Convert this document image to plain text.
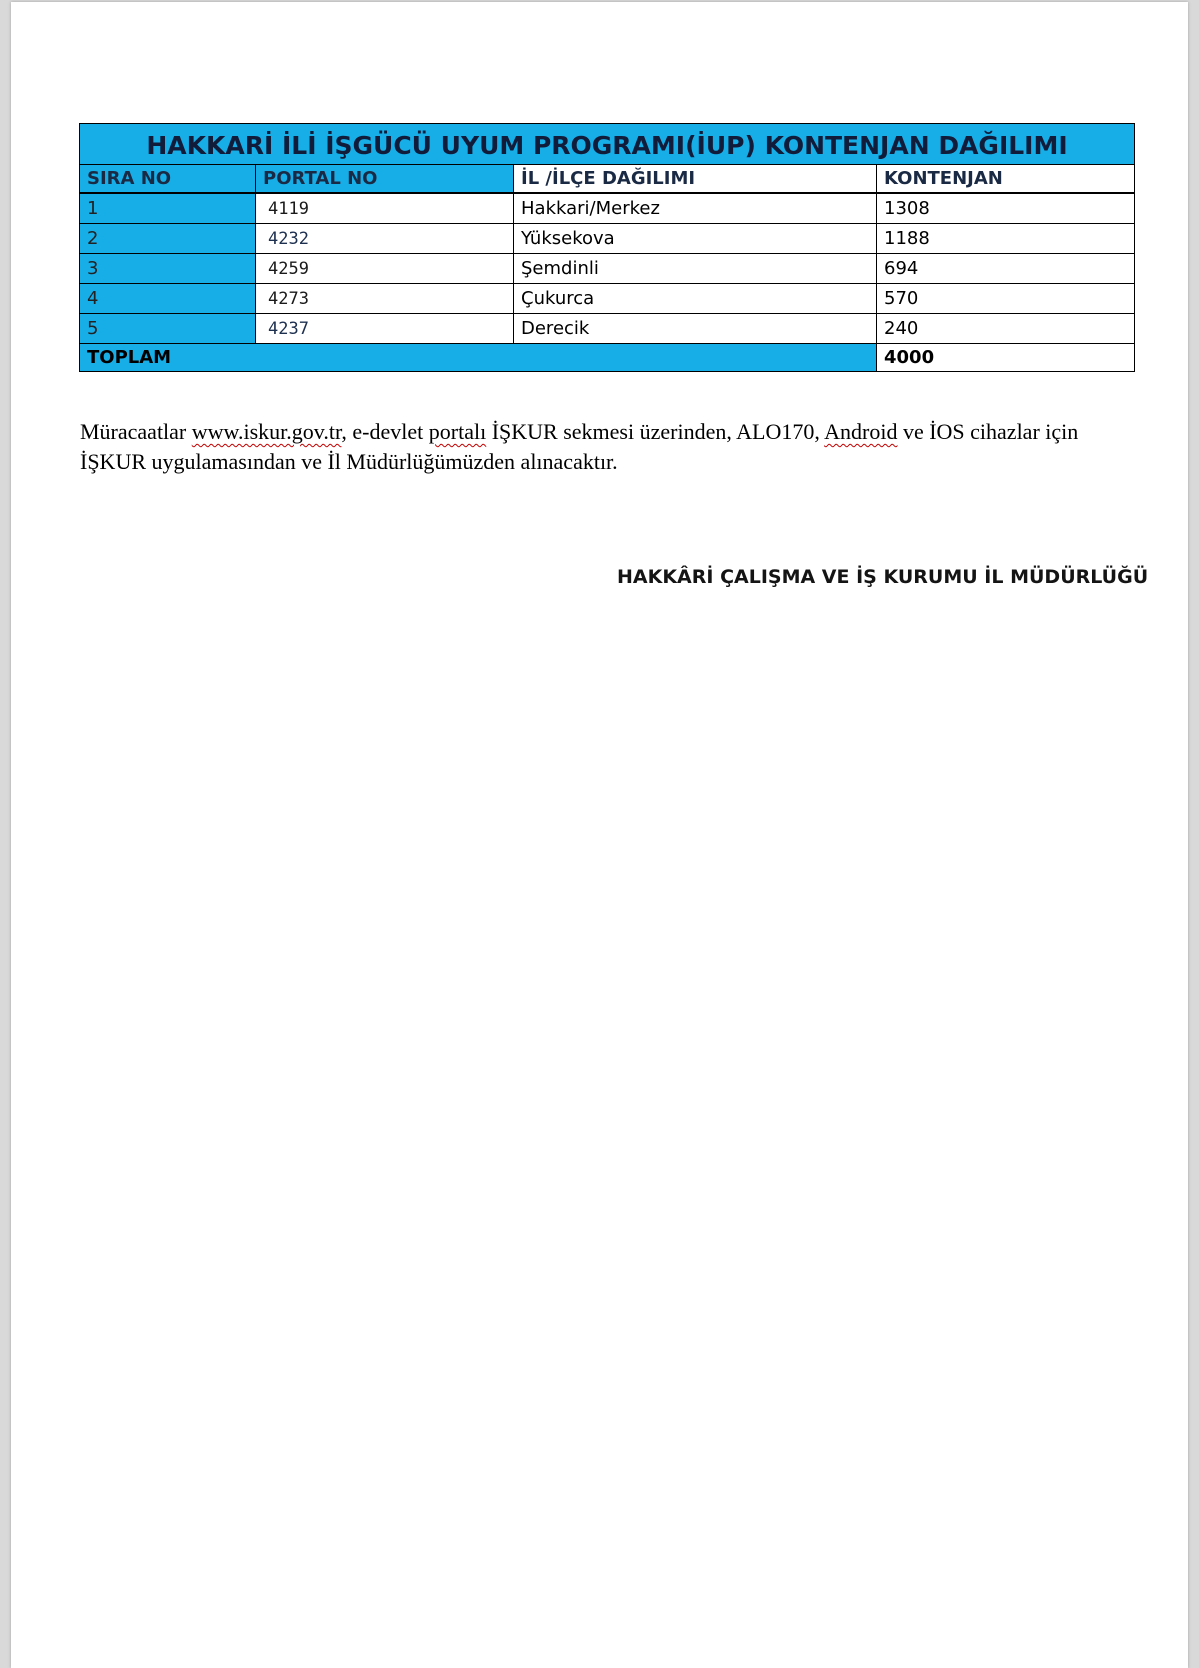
HAKKARİ İLİ İŞGÜCÜ UYUM PROGRAMI(İUP) KONTENJAN DAĞILIMI			
SIRA NO	PORTAL NO	İL /İLÇE DAĞILIMI	KONTENJAN
1	4119	Hakkari/Merkez	1308
2	4232	Yüksekova	1188
3	4259	Şemdinli	694
4	4273	Çukurca	570
5	4237	Derecik	240
TOPLAM			4000
Müracaatlar www.iskur.gov.tr, e-devlet portalı İŞKUR sekmesi üzerinden, ALO170, Android ve İOS cihazlar için İŞKUR uygulamasından ve İl Müdürlüğümüzden alınacaktır.
HAKKÂRİ ÇALIŞMA VE İŞ KURUMU İL MÜDÜRLÜĞÜ
